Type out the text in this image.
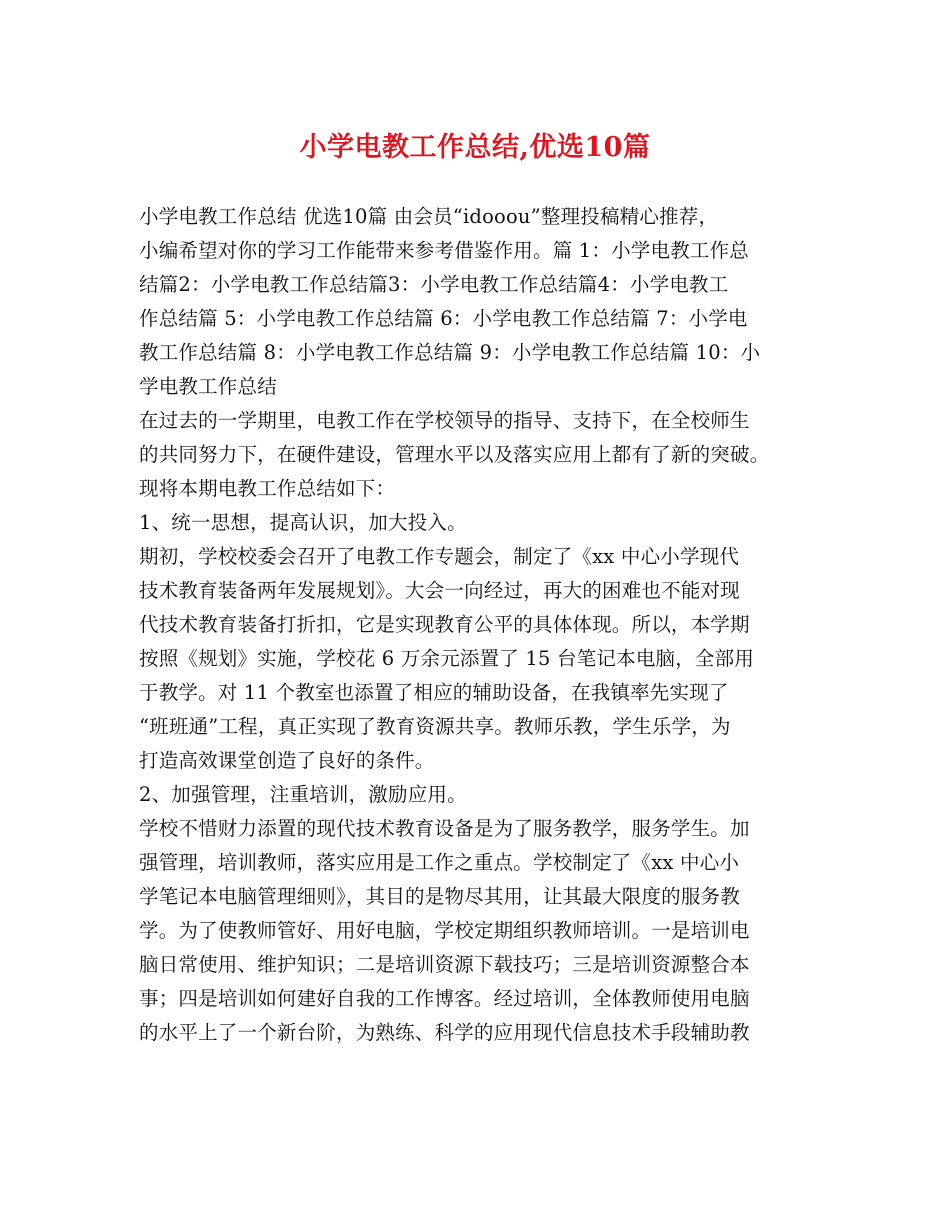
小学电教工作总结,优选10篇
小学电教工作总结 优选10篇 由会员“idooou”整理投稿精心推荐，
小编希望对你的学习工作能带来参考借鉴作用。篇 1：小学电教工作总
结篇2：小学电教工作总结篇3：小学电教工作总结篇4：小学电教工
作总结篇 5：小学电教工作总结篇 6：小学电教工作总结篇 7：小学电
教工作总结篇 8：小学电教工作总结篇 9：小学电教工作总结篇 10：小
学电教工作总结
在过去的一学期里，电教工作在学校领导的指导、支持下，在全校师生
的共同努力下，在硬件建设，管理水平以及落实应用上都有了新的突破。
现将本期电教工作总结如下：
1、统一思想，提高认识，加大投入。
期初，学校校委会召开了电教工作专题会，制定了《xx 中心小学现代
技术教育装备两年发展规划》。大会一向经过，再大的困难也不能对现
代技术教育装备打折扣，它是实现教育公平的具体体现。所以，本学期
按照《规划》实施，学校花 6 万余元添置了 15 台笔记本电脑，全部用
于教学。对 11 个教室也添置了相应的辅助设备，在我镇率先实现了
“班班通”工程，真正实现了教育资源共享。教师乐教，学生乐学，为
打造高效课堂创造了良好的条件。
2、加强管理，注重培训，激励应用。
学校不惜财力添置的现代技术教育设备是为了服务教学，服务学生。加
强管理，培训教师，落实应用是工作之重点。学校制定了《xx 中心小
学笔记本电脑管理细则》，其目的是物尽其用，让其最大限度的服务教
学。为了使教师管好、用好电脑，学校定期组织教师培训。一是培训电
脑日常使用、维护知识；二是培训资源下载技巧；三是培训资源整合本
事；四是培训如何建好自我的工作博客。经过培训，全体教师使用电脑
的水平上了一个新台阶，为熟练、科学的应用现代信息技术手段辅助教
